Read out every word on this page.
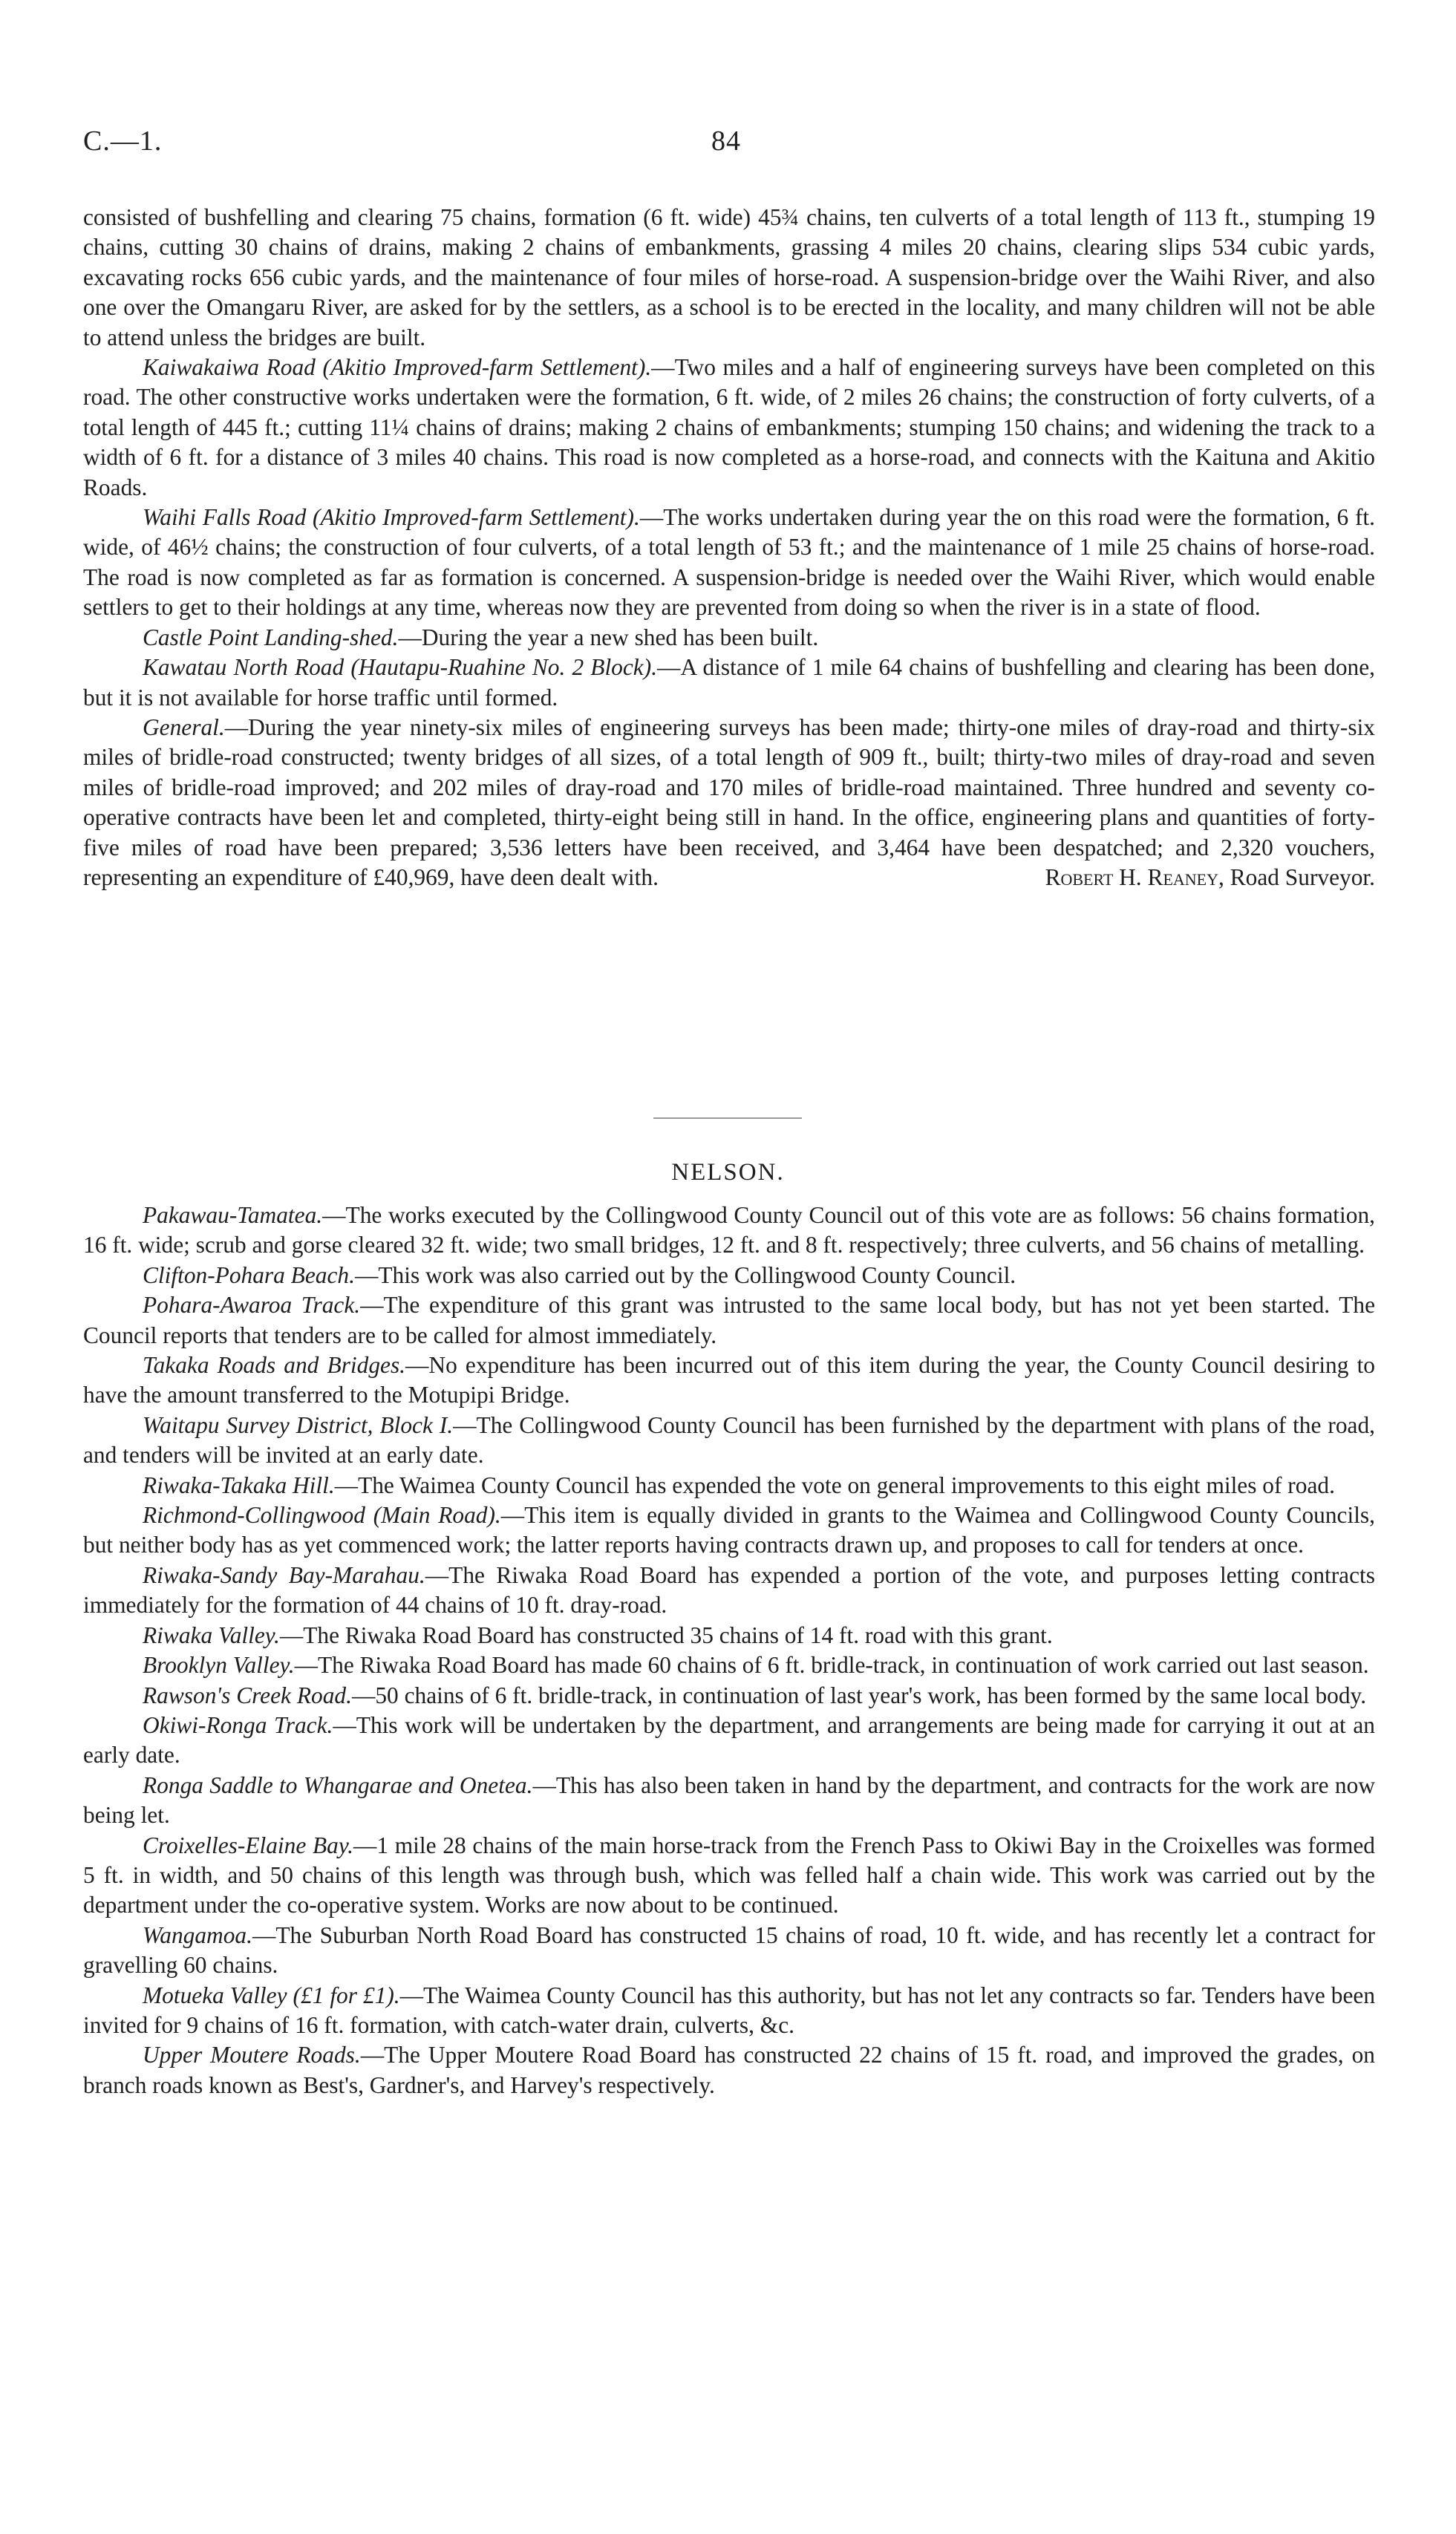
C.—1.	84

consisted of bushfelling and clearing 75 chains, formation (6 ft. wide) 45¾ chains, ten culverts of a total length of 113 ft., stumping 19 chains, cutting 30 chains of drains, making 2 chains of embankments, grassing 4 miles 20 chains, clearing slips 534 cubic yards, excavating rocks 656 cubic yards, and the maintenance of four miles of horse-road. A suspension-bridge over the Waihi River, and also one over the Omangaru River, are asked for by the settlers, as a school is to be erected in the locality, and many children will not be able to attend unless the bridges are built.

Kaiwakaiwa Road (Akitio Improved-farm Settlement).—Two miles and a half of engineering surveys have been completed on this road. The other constructive works undertaken were the formation, 6 ft. wide, of 2 miles 26 chains; the construction of forty culverts, of a total length of 445 ft.; cutting 11¼ chains of drains; making 2 chains of embankments; stumping 150 chains; and widening the track to a width of 6 ft. for a distance of 3 miles 40 chains. This road is now completed as a horse-road, and connects with the Kaituna and Akitio Roads.

Waihi Falls Road (Akitio Improved-farm Settlement).—The works undertaken during year the on this road were the formation, 6 ft. wide, of 46½ chains; the construction of four culverts, of a total length of 53 ft.; and the maintenance of 1 mile 25 chains of horse-road. The road is now completed as far as formation is concerned. A suspension-bridge is needed over the Waihi River, which would enable settlers to get to their holdings at any time, whereas now they are prevented from doing so when the river is in a state of flood.

Castle Point Landing-shed.—During the year a new shed has been built.

Kawatau North Road (Hautapu-Ruahine No. 2 Block).—A distance of 1 mile 64 chains of bushfelling and clearing has been done, but it is not available for horse traffic until formed.

General.—During the year ninety-six miles of engineering surveys has been made; thirty-one miles of dray-road and thirty-six miles of bridle-road constructed; twenty bridges of all sizes, of a total length of 909 ft., built; thirty-two miles of dray-road and seven miles of bridle-road improved; and 202 miles of dray-road and 170 miles of bridle-road maintained. Three hundred and seventy co-operative contracts have been let and completed, thirty-eight being still in hand. In the office, engineering plans and quantities of forty-five miles of road have been prepared; 3,536 letters have been received, and 3,464 have been despatched; and 2,320 vouchers, representing an expenditure of £40,969, have deen dealt with.	Robert H. Reaney, Road Surveyor.

NELSON.

Pakawau-Tamatea.—The works executed by the Collingwood County Council out of this vote are as follows: 56 chains formation, 16 ft. wide; scrub and gorse cleared 32 ft. wide; two small bridges, 12 ft. and 8 ft. respectively; three culverts, and 56 chains of metalling.

Clifton-Pohara Beach.—This work was also carried out by the Collingwood County Council.

Pohara-Awaroa Track.—The expenditure of this grant was intrusted to the same local body, but has not yet been started. The Council reports that tenders are to be called for almost immediately.

Takaka Roads and Bridges.—No expenditure has been incurred out of this item during the year, the County Council desiring to have the amount transferred to the Motupipi Bridge.

Waitapu Survey District, Block I.—The Collingwood County Council has been furnished by the department with plans of the road, and tenders will be invited at an early date.

Riwaka-Takaka Hill.—The Waimea County Council has expended the vote on general improvements to this eight miles of road.

Richmond-Collingwood (Main Road).—This item is equally divided in grants to the Waimea and Collingwood County Councils, but neither body has as yet commenced work; the latter reports having contracts drawn up, and proposes to call for tenders at once.

Riwaka-Sandy Bay-Marahau.—The Riwaka Road Board has expended a portion of the vote, and purposes letting contracts immediately for the formation of 44 chains of 10 ft. dray-road.

Riwaka Valley.—The Riwaka Road Board has constructed 35 chains of 14 ft. road with this grant.

Brooklyn Valley.—The Riwaka Road Board has made 60 chains of 6 ft. bridle-track, in continuation of work carried out last season.

Rawson's Creek Road.—50 chains of 6 ft. bridle-track, in continuation of last year's work, has been formed by the same local body.

Okiwi-Ronga Track.—This work will be undertaken by the department, and arrangements are being made for carrying it out at an early date.

Ronga Saddle to Whangarae and Onetea.—This has also been taken in hand by the department, and contracts for the work are now being let.

Croixelles-Elaine Bay.—1 mile 28 chains of the main horse-track from the French Pass to Okiwi Bay in the Croixelles was formed 5 ft. in width, and 50 chains of this length was through bush, which was felled half a chain wide. This work was carried out by the department under the co-operative system. Works are now about to be continued.

Wangamoa.—The Suburban North Road Board has constructed 15 chains of road, 10 ft. wide, and has recently let a contract for gravelling 60 chains.

Motueka Valley (£1 for £1).—The Waimea County Council has this authority, but has not let any contracts so far. Tenders have been invited for 9 chains of 16 ft. formation, with catch-water drain, culverts, &c.

Upper Moutere Roads.—The Upper Moutere Road Board has constructed 22 chains of 15 ft. road, and improved the grades, on branch roads known as Best's, Gardner's, and Harvey's respectively.
